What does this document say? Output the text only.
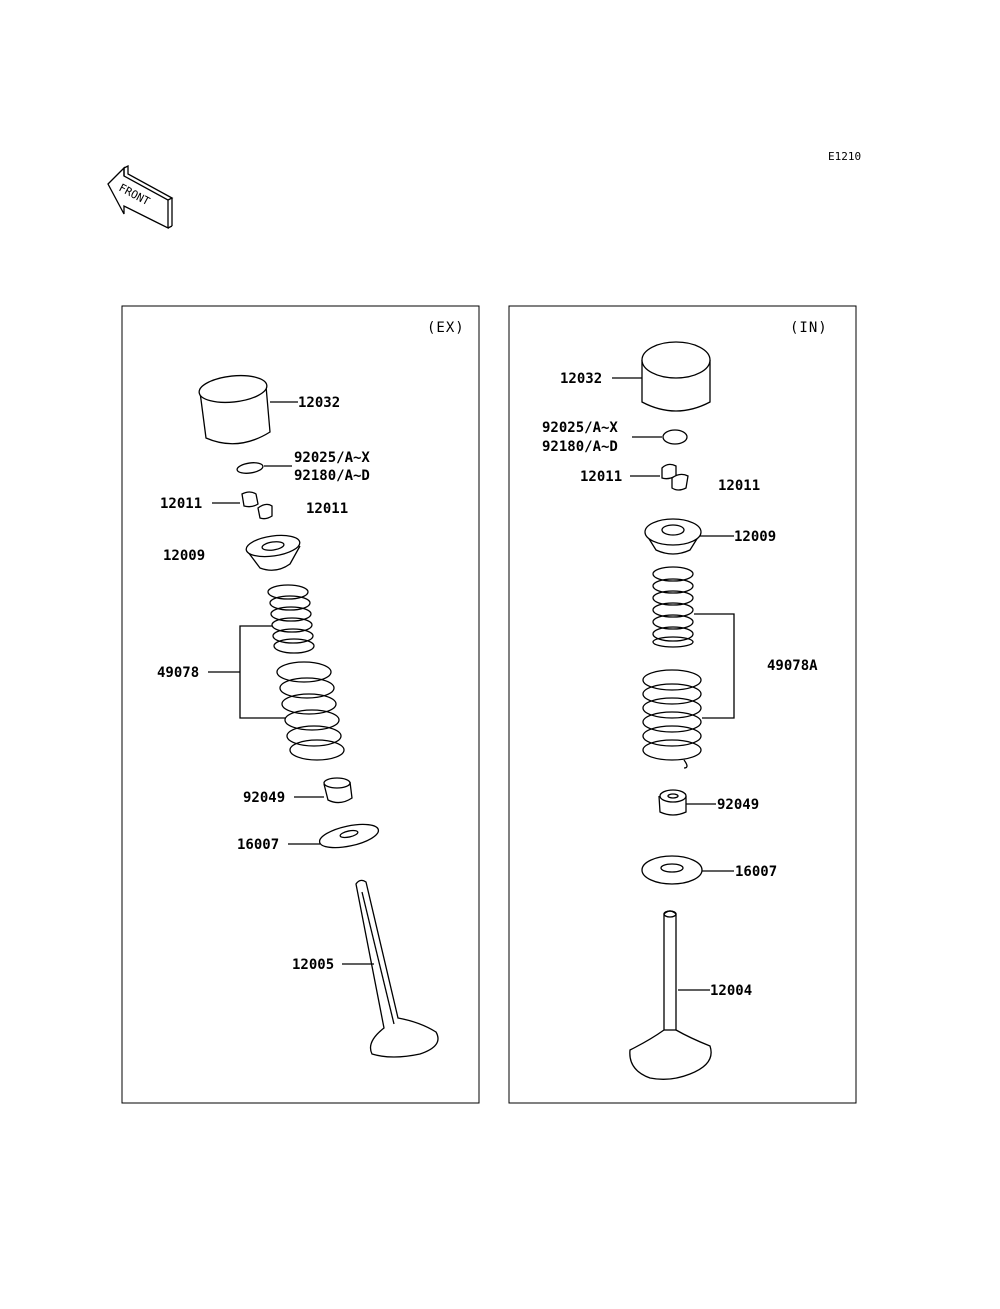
E1210
FRONT
(EX)
12032
92025/A~X
92180/A~D
12011	12011
12009
49078
92049
16007
12005
(IN)
12032
92025/A~X
92180/A~D
12011
12011
12009
49078A
92049
16007
12004
